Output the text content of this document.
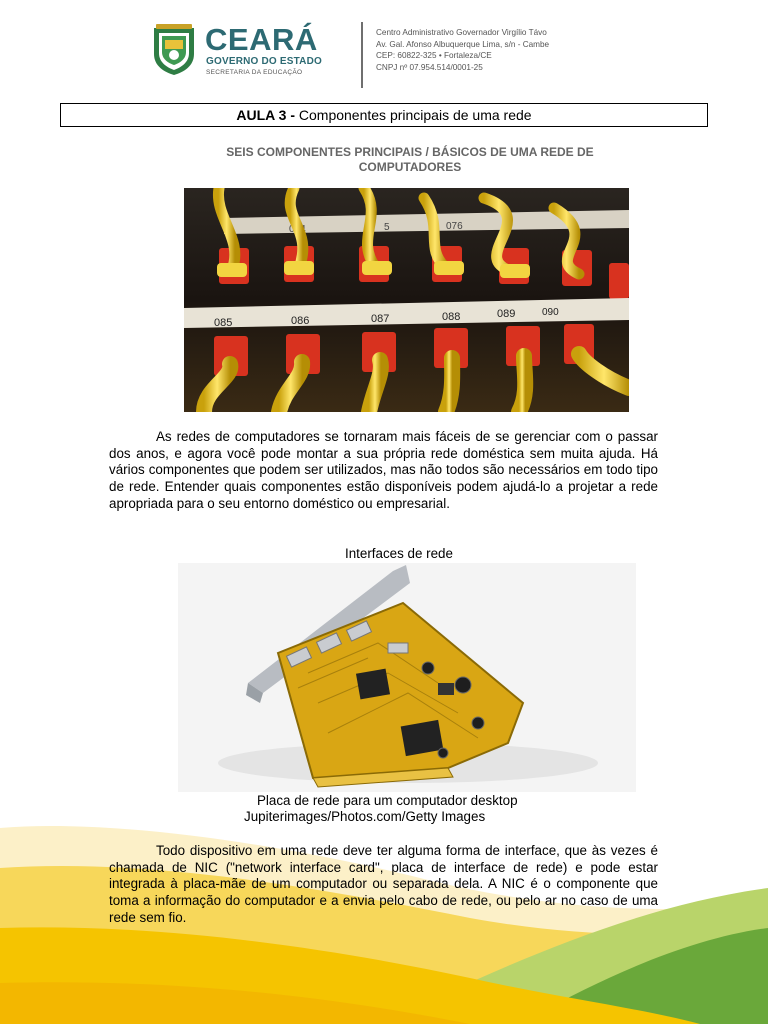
CEARÁ
GOVERNO DO ESTADO
SECRETARIA DA EDUCAÇÃO
Centro Administrativo Governador Virgílio Távo
Av. Gal. Afonso Albuquerque Lima, s/n - Cambe
CEP: 60822-325 • Fortaleza/CE
CNPJ nº 07.954.514/0001-25
AULA 3 - Componentes principais de uma rede
SEIS COMPONENTES PRINCIPAIS / BÁSICOS DE UMA REDE DE COMPUTADORES
074	5	076
085	086	087	088	089	090
As redes de computadores se tornaram mais fáceis de se gerenciar com o passar dos anos, e agora você pode montar a sua própria rede doméstica sem muita ajuda. Há vários componentes que podem ser utilizados, mas não todos são necessários em todo tipo de rede. Entender quais componentes estão disponíveis podem ajudá-lo a projetar a rede apropriada para o seu entorno doméstico ou empresarial.
Interfaces de rede
Placa de rede para um computador desktop
Jupiterimages/Photos.com/Getty Images
Todo dispositivo em uma rede deve ter alguma forma de interface, que às vezes é chamada de NIC ("network interface card", placa de interface de rede) e pode estar integrada à placa-mãe de um computador ou separada dela. A NIC é o componente que toma a informação do computador e a envia pelo cabo de rede, ou pelo ar no caso de uma rede sem fio.
